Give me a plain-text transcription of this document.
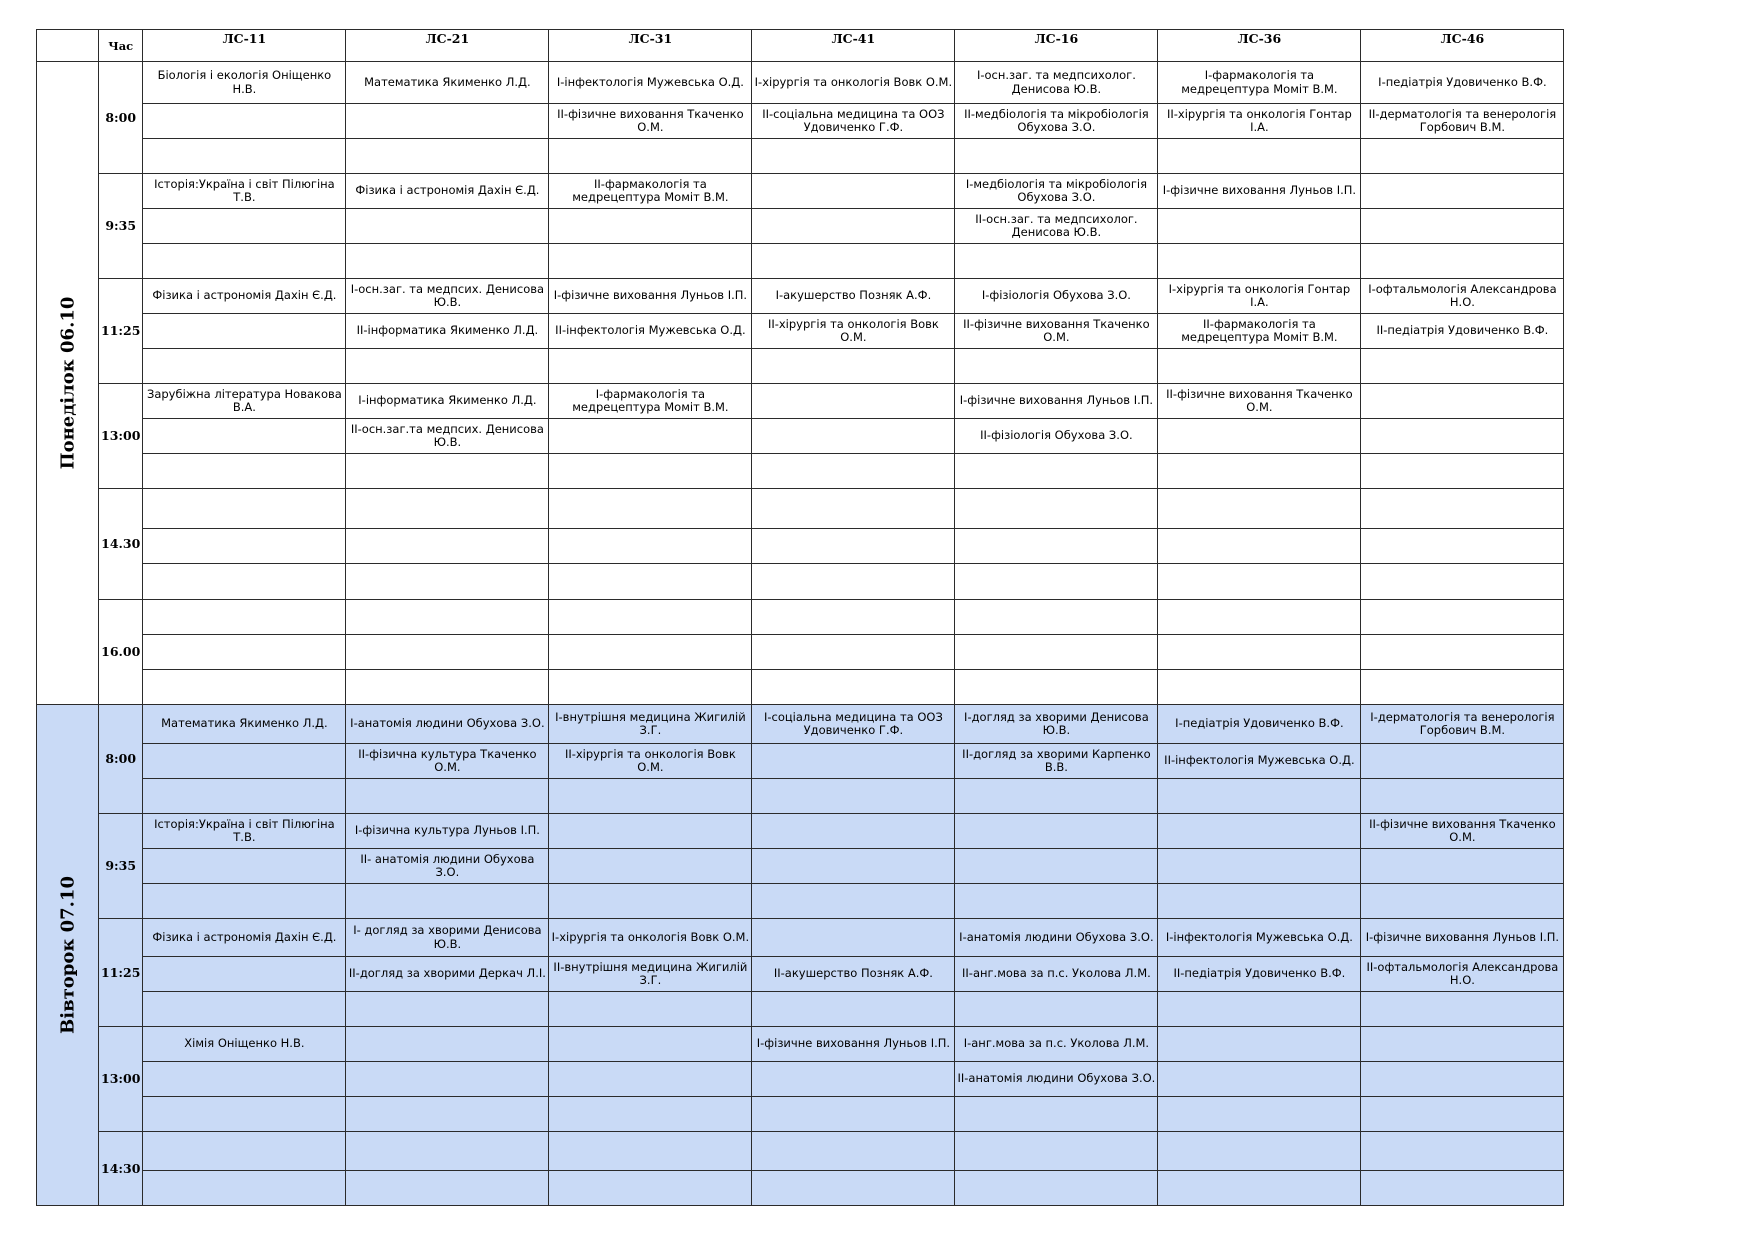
	Час	ЛС-11	ЛС-21	ЛС-31	ЛС-41	ЛС-16	ЛС-36	ЛС-46

Понеділок 06.10	8:00	Біологія і екологія Оніщенко Н.В.	Математика Якименко Л.Д.	І-інфектологія Мужевська О.Д.	І-хірургія та онкологія Вовк О.М.	І-осн.заг. та медпсихолог. Денисова Ю.В.	І-фармакологія та медрецептура Моміт В.М.	І-педіатрія Удовиченко В.Ф.
				ІІ-фізичне виховання Ткаченко О.М.	ІІ-соціальна медицина та ООЗ Удовиченко Г.Ф.	ІІ-медбіологія та мікробіологія Обухова З.О.	ІІ-хірургія та онкологія Гонтар І.А.	ІІ-дерматологія та венерологія Горбович В.М.

	9:35	Історія:Україна і світ Пілюгіна Т.В.	Фізика і астрономія Дахін Є.Д.	ІІ-фармакологія та медрецептура Моміт В.М.		І-медбіологія та мікробіологія Обухова З.О.	І-фізичне виховання Луньов І.П.	
						ІІ-осн.заг. та медпсихолог. Денисова Ю.В.		

	11:25	Фізика і астрономія Дахін Є.Д.	І-осн.заг. та медпсих. Денисова Ю.В.	І-фізичне виховання Луньов І.П.	І-акушерство Позняк А.Ф.	І-фізіологія Обухова З.О.	І-хірургія та онкологія Гонтар І.А.	І-офтальмологія Александрова Н.О.
			ІІ-інформатика Якименко Л.Д.	ІІ-інфектологія Мужевська О.Д.	ІІ-хірургія та онкологія Вовк О.М.	ІІ-фізичне виховання Ткаченко О.М.	ІІ-фармакологія та медрецептура Моміт В.М.	ІІ-педіатрія Удовиченко В.Ф.

	13:00	Зарубіжна література Новакова В.А.	І-інформатика Якименко Л.Д.	І-фармакологія та медрецептура Моміт В.М.		І-фізичне виховання Луньов І.П.	ІІ-фізичне виховання Ткаченко О.М.	
			ІІ-осн.заг.та медпсих. Денисова Ю.В.			ІІ-фізіологія Обухова З.О.		

	14.30							

	16.00							

Вівторок 07.10	8:00	Математика Якименко Л.Д.	І-анатомія людини Обухова З.О.	І-внутрішня медицина Жигилій З.Г.	І-соціальна медицина та ООЗ Удовиченко Г.Ф.	І-догляд за хворими Денисова Ю.В.	І-педіатрія Удовиченко В.Ф.	І-дерматологія та венерологія Горбович В.М.
			ІІ-фізична культура Ткаченко О.М.	ІІ-хірургія та онкологія Вовк О.М.		ІІ-догляд за хворими Карпенко В.В.	ІІ-інфектологія Мужевська О.Д.	

	9:35	Історія:Україна і світ Пілюгіна Т.В.	І-фізична культура Луньов І.П.					ІІ-фізичне виховання Ткаченко О.М.
			ІІ- анатомія людини Обухова З.О.					

	11:25	Фізика і астрономія Дахін Є.Д.	І- догляд за хворими Денисова Ю.В.	І-хірургія та онкологія Вовк О.М.		І-анатомія людини Обухова З.О.	І-інфектологія Мужевська О.Д.	І-фізичне виховання Луньов І.П.
			ІІ-догляд за хворими Деркач Л.І.	ІІ-внутрішня медицина Жигилій З.Г.	ІІ-акушерство Позняк А.Ф.	ІІ-анг.мова за п.с. Уколова Л.М.	ІІ-педіатрія Удовиченко В.Ф.	ІІ-офтальмологія Александрова Н.О.

	13:00	Хімія Оніщенко Н.В.			І-фізичне виховання Луньов І.П.	І-анг.мова за п.с. Уколова Л.М.		
						ІІ-анатомія людини Обухова З.О.		

	14:30							
